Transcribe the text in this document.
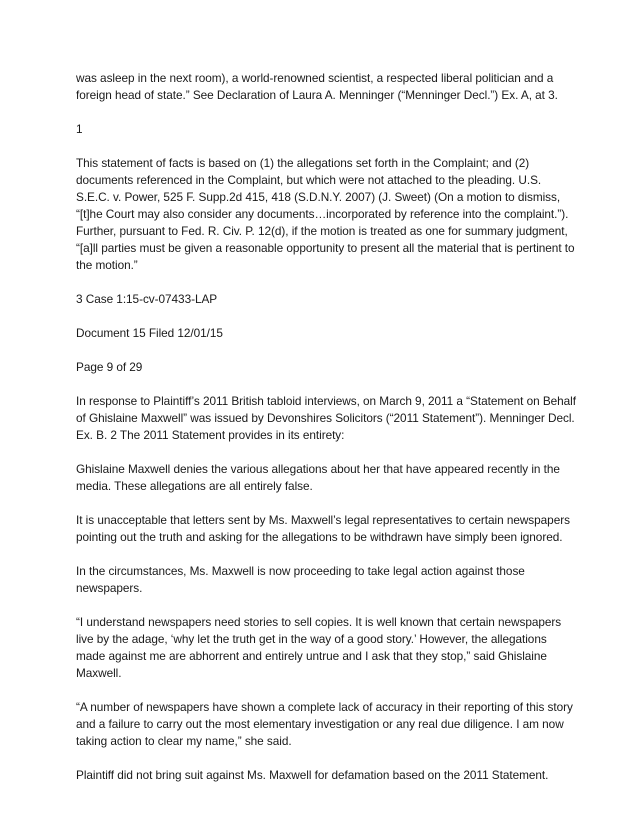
was asleep in the next room), a world-renowned scientist, a respected liberal politician and a foreign head of state.” See Declaration of Laura A. Menninger (“Menninger Decl.”) Ex. A, at 3.

1

This statement of facts is based on (1) the allegations set forth in the Complaint; and (2) documents referenced in the Complaint, but which were not attached to the pleading. U.S. S.E.C. v. Power, 525 F. Supp.2d 415, 418 (S.D.N.Y. 2007) (J. Sweet) (On a motion to dismiss, “[t]he Court may also consider any documents…incorporated by reference into the complaint.”). Further, pursuant to Fed. R. Civ. P. 12(d), if the motion is treated as one for summary judgment, “[a]ll parties must be given a reasonable opportunity to present all the material that is pertinent to the motion.”

3 Case 1:15-cv-07433-LAP

Document 15 Filed 12/01/15

Page 9 of 29

In response to Plaintiff’s 2011 British tabloid interviews, on March 9, 2011 a “Statement on Behalf of Ghislaine Maxwell” was issued by Devonshires Solicitors (“2011 Statement”). Menninger Decl. Ex. B. 2 The 2011 Statement provides in its entirety:

Ghislaine Maxwell denies the various allegations about her that have appeared recently in the media. These allegations are all entirely false.

It is unacceptable that letters sent by Ms. Maxwell’s legal representatives to certain newspapers pointing out the truth and asking for the allegations to be withdrawn have simply been ignored.

In the circumstances, Ms. Maxwell is now proceeding to take legal action against those newspapers.

“I understand newspapers need stories to sell copies. It is well known that certain newspapers live by the adage, ‘why let the truth get in the way of a good story.’ However, the allegations made against me are abhorrent and entirely untrue and I ask that they stop,” said Ghislaine Maxwell.

“A number of newspapers have shown a complete lack of accuracy in their reporting of this story and a failure to carry out the most elementary investigation or any real due diligence. I am now taking action to clear my name,” she said.

Plaintiff did not bring suit against Ms. Maxwell for defamation based on the 2011 Statement.
